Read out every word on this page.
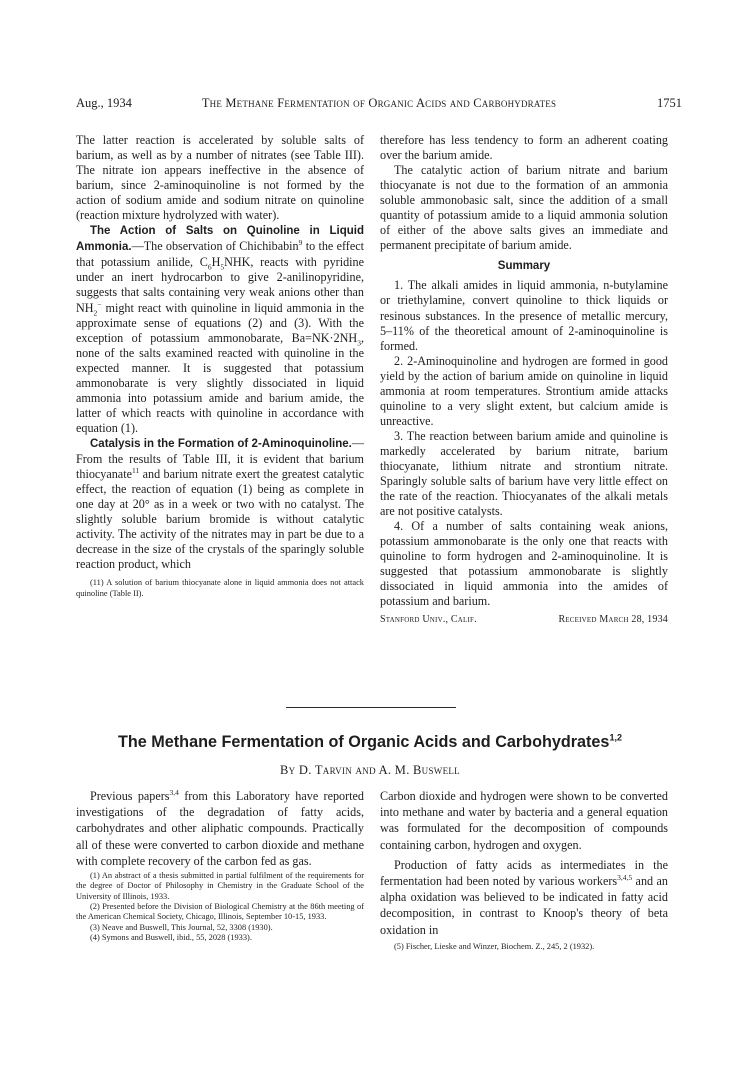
Aug., 1934	The Methane Fermentation of Organic Acids and Carbohydrates	1751

The latter reaction is accelerated by soluble salts of barium, as well as by a number of nitrates (see Table III). The nitrate ion appears ineffective in the absence of barium, since 2-aminoquinoline is not formed by the action of sodium amide and sodium nitrate on quinoline (reaction mixture hydrolyzed with water).

The Action of Salts on Quinoline in Liquid Ammonia.—The observation of Chichibabin$^9$ to the effect that potassium anilide, $C_6H_5NHK$, reacts with pyridine under an inert hydrocarbon to give 2-anilinopyridine, suggests that salts containing very weak anions other than $NH_2^-$ might react with quinoline in liquid ammonia in the approximate sense of equations (2) and (3). With the exception of potassium ammonobarate, $Ba=NK\cdot 2NH_3$, none of the salts examined reacted with quinoline in the expected manner. It is suggested that potassium ammonobarate is very slightly dissociated in liquid ammonia into potassium amide and barium amide, the latter of which reacts with quinoline in accordance with equation (1).

Catalysis in the Formation of 2-Aminoquinoline.—From the results of Table III, it is evident that barium thiocyanate$^{11}$ and barium nitrate exert the greatest catalytic effect, the reaction of equation (1) being as complete in one day at 20° as in a week or two with no catalyst. The slightly soluble barium bromide is without catalytic activity. The activity of the nitrates may in part be due to a decrease in the size of the crystals of the sparingly soluble reaction product, which

(11) A solution of barium thiocyanate alone in liquid ammonia does not attack quinoline (Table II).

therefore has less tendency to form an adherent coating over the barium amide.

The catalytic action of barium nitrate and barium thiocyanate is not due to the formation of an ammonia soluble ammonobasic salt, since the addition of a small quantity of potassium amide to a liquid ammonia solution of either of the above salts gives an immediate and permanent precipitate of barium amide.

Summary

1. The alkali amides in liquid ammonia, n-butylamine or triethylamine, convert quinoline to thick liquids or resinous substances. In the presence of metallic mercury, 5–11% of the theoretical amount of 2-aminoquinoline is formed.

2. 2-Aminoquinoline and hydrogen are formed in good yield by the action of barium amide on quinoline in liquid ammonia at room temperatures. Strontium amide attacks quinoline to a very slight extent, but calcium amide is unreactive.

3. The reaction between barium amide and quinoline is markedly accelerated by barium nitrate, barium thiocyanate, lithium nitrate and strontium nitrate. Sparingly soluble salts of barium have very little effect on the rate of the reaction. Thiocyanates of the alkali metals are not positive catalysts.

4. Of a number of salts containing weak anions, potassium ammonobarate is the only one that reacts with quinoline to form hydrogen and 2-aminoquinoline. It is suggested that potassium ammonobarate is slightly dissociated in liquid ammonia into the amides of potassium and barium.

Stanford Univ., Calif.	Received March 28, 1934
The Methane Fermentation of Organic Acids and Carbohydrates$^{1,2}$
By D. Tarvin and A. M. Buswell

Previous papers$^{3,4}$ from this Laboratory have reported investigations of the degradation of fatty acids, carbohydrates and other aliphatic compounds. Practically all of these were converted to carbon dioxide and methane with complete recovery of the carbon fed as gas.

(1) An abstract of a thesis submitted in partial fulfilment of the requirements for the degree of Doctor of Philosophy in Chemistry in the Graduate School of the University of Illinois, 1933.

(2) Presented before the Division of Biological Chemistry at the 86th meeting of the American Chemical Society, Chicago, Illinois, September 10-15, 1933.

(3) Neave and Buswell, This Journal, 52, 3308 (1930).

(4) Symons and Buswell, ibid., 55, 2028 (1933).

Carbon dioxide and hydrogen were shown to be converted into methane and water by bacteria and a general equation was formulated for the decomposition of compounds containing carbon, hydrogen and oxygen.

Production of fatty acids as intermediates in the fermentation had been noted by various workers$^{3,4,5}$ and an alpha oxidation was believed to be indicated in fatty acid decomposition, in contrast to Knoop's theory of beta oxidation in

(5) Fischer, Lieske and Winzer, Biochem. Z., 245, 2 (1932).
